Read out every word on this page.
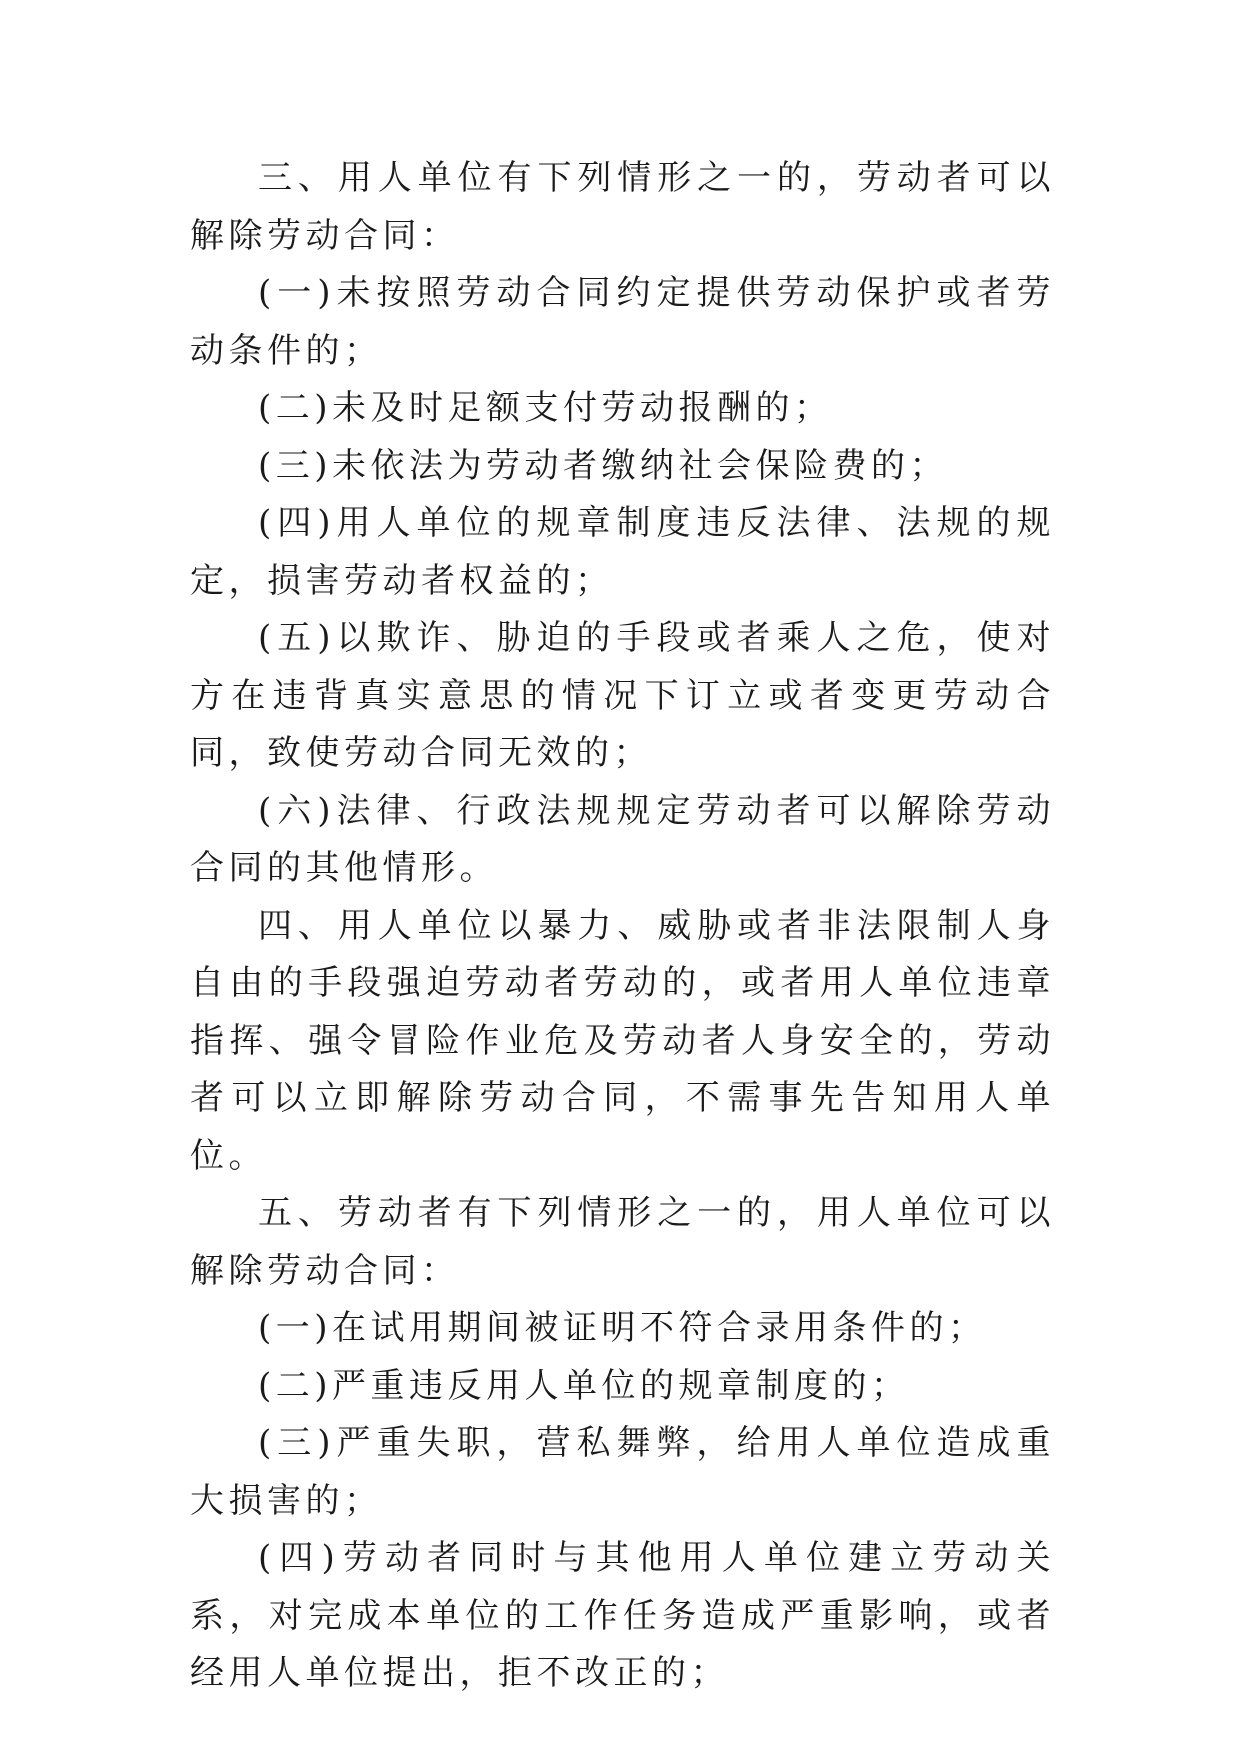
三、用人单位有下列情形之一的，劳动者可以解除劳动合同：

(一)未按照劳动合同约定提供劳动保护或者劳动条件的；

(二)未及时足额支付劳动报酬的；

(三)未依法为劳动者缴纳社会保险费的；

(四)用人单位的规章制度违反法律、法规的规定，损害劳动者权益的；

(五)以欺诈、胁迫的手段或者乘人之危，使对方在违背真实意思的情况下订立或者变更劳动合同，致使劳动合同无效的；

(六)法律、行政法规规定劳动者可以解除劳动合同的其他情形。

四、用人单位以暴力、威胁或者非法限制人身自由的手段强迫劳动者劳动的，或者用人单位违章指挥、强令冒险作业危及劳动者人身安全的，劳动者可以立即解除劳动合同，不需事先告知用人单位。

五、劳动者有下列情形之一的，用人单位可以解除劳动合同：

(一)在试用期间被证明不符合录用条件的；

(二)严重违反用人单位的规章制度的；

(三)严重失职，营私舞弊，给用人单位造成重大损害的；

(四)劳动者同时与其他用人单位建立劳动关系，对完成本单位的工作任务造成严重影响，或者经用人单位提出，拒不改正的；
